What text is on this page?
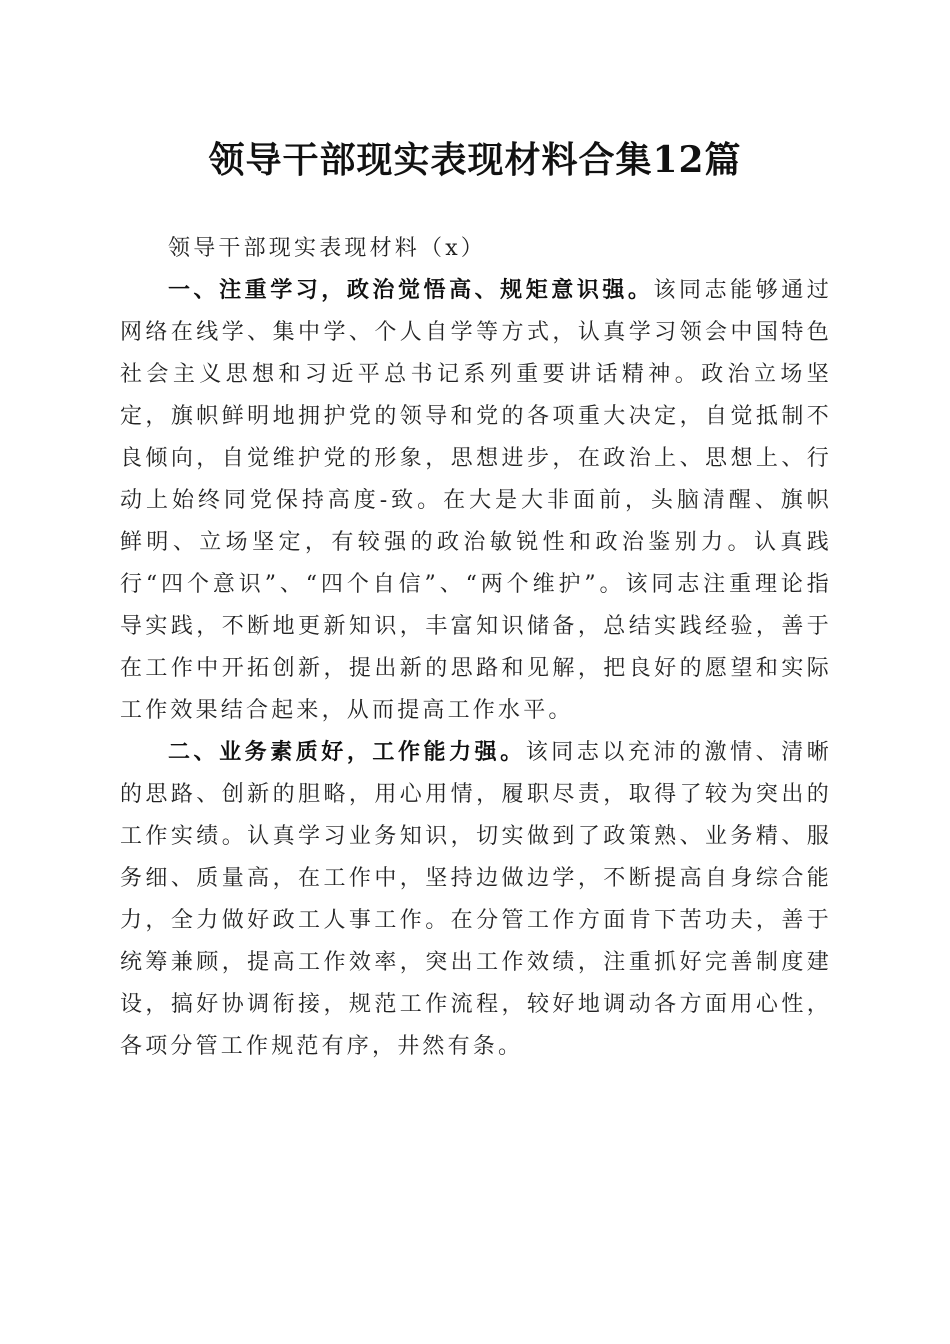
领导干部现实表现材料合集12篇

领导干部现实表现材料（x）

一、注重学习，政治觉悟高、规矩意识强。该同志能够通过网络在线学、集中学、个人自学等方式，认真学习领会中国特色社会主义思想和习近平总书记系列重要讲话精神。政治立场坚定，旗帜鲜明地拥护党的领导和党的各项重大决定，自觉抵制不良倾向，自觉维护党的形象，思想进步，在政治上、思想上、行动上始终同党保持高度-致。在大是大非面前，头脑清醒、旗帜鲜明、立场坚定，有较强的政治敏锐性和政治鉴别力。认真践行“四个意识”、“四个自信”、“两个维护”。该同志注重理论指导实践，不断地更新知识，丰富知识储备，总结实践经验，善于在工作中开拓创新，提出新的思路和见解，把良好的愿望和实际工作效果结合起来，从而提高工作水平。

二、业务素质好，工作能力强。该同志以充沛的激情、清晰的思路、创新的胆略，用心用情，履职尽责，取得了较为突出的工作实绩。认真学习业务知识，切实做到了政策熟、业务精、服务细、质量高，在工作中，坚持边做边学，不断提高自身综合能力，全力做好政工人事工作。在分管工作方面肯下苦功夫，善于统筹兼顾，提高工作效率，突出工作效绩，注重抓好完善制度建设，搞好协调衔接，规范工作流程，较好地调动各方面用心性，各项分管工作规范有序，井然有条。
